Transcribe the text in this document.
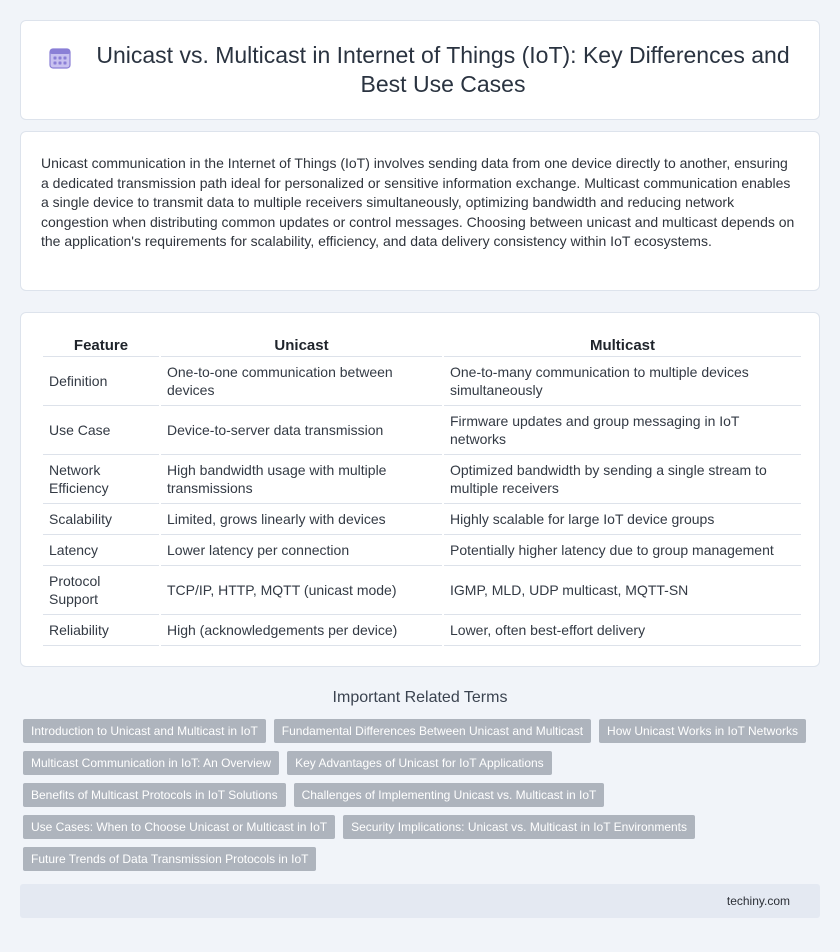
Unicast vs. Multicast in Internet of Things (IoT): Key Differences and Best Use Cases

Unicast communication in the Internet of Things (IoT) involves sending data from one device directly to another, ensuring a dedicated transmission path ideal for personalized or sensitive information exchange. Multicast communication enables a single device to transmit data to multiple receivers simultaneously, optimizing bandwidth and reducing network congestion when distributing common updates or control messages. Choosing between unicast and multicast depends on the application's requirements for scalability, efficiency, and data delivery consistency within IoT ecosystems.

Feature	Unicast	Multicast
Definition	One-to-one communication between devices	One-to-many communication to multiple devices simultaneously
Use Case	Device-to-server data transmission	Firmware updates and group messaging in IoT networks
Network Efficiency	High bandwidth usage with multiple transmissions	Optimized bandwidth by sending a single stream to multiple receivers
Scalability	Limited, grows linearly with devices	Highly scalable for large IoT device groups
Latency	Lower latency per connection	Potentially higher latency due to group management
Protocol Support	TCP/IP, HTTP, MQTT (unicast mode)	IGMP, MLD, UDP multicast, MQTT-SN
Reliability	High (acknowledgements per device)	Lower, often best-effort delivery
Important Related Terms
Introduction to Unicast and Multicast in IoT	Fundamental Differences Between Unicast and Multicast	How Unicast Works in IoT Networks
Multicast Communication in IoT: An Overview	Key Advantages of Unicast for IoT Applications
Benefits of Multicast Protocols in IoT Solutions	Challenges of Implementing Unicast vs. Multicast in IoT
Use Cases: When to Choose Unicast or Multicast in IoT	Security Implications: Unicast vs. Multicast in IoT Environments
Future Trends of Data Transmission Protocols in IoT
techiny.com
